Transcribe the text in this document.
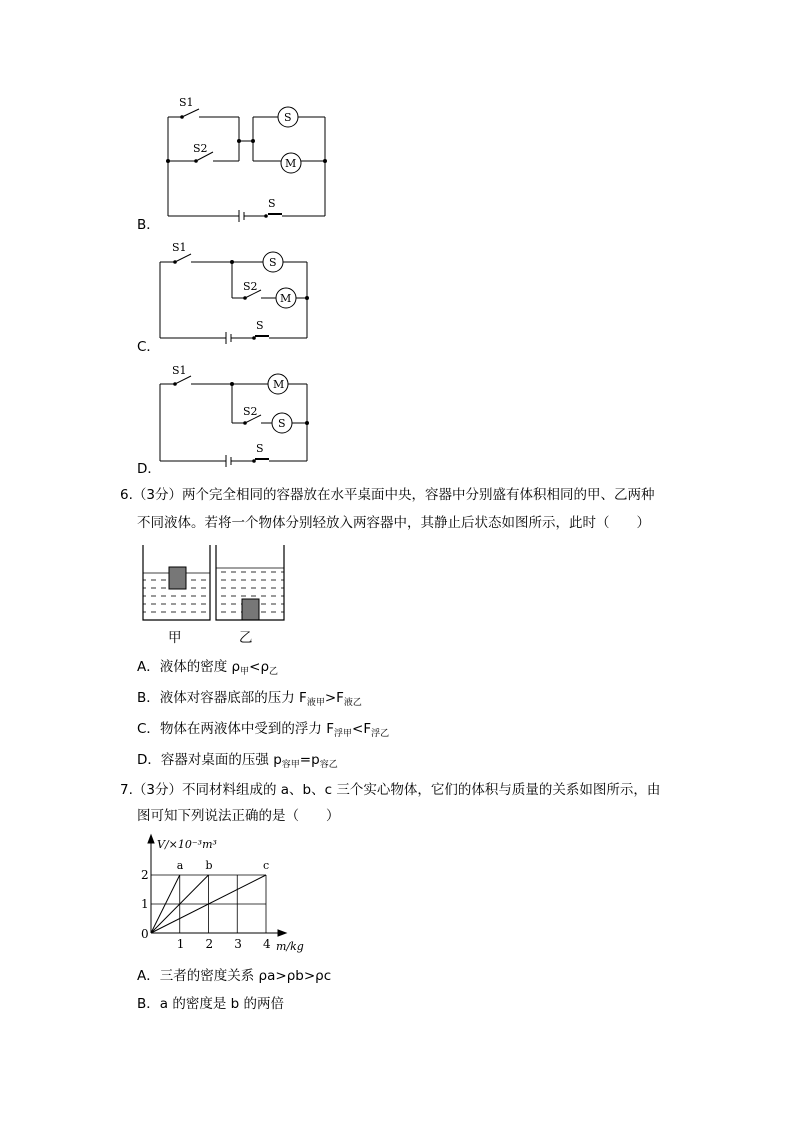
S1
S2
S
S
M
B．
S1
S2
S
S
M
C．
S1
S2
S
M
S
D．
6.（3分）两个完全相同的容器放在水平桌面中央，容器中分别盛有体积相同的甲、乙两种
不同液体。若将一个物体分别轻放入两容器中，其静止后状态如图所示，此时（　　）
甲	乙
A．液体的密度 $\rho_甲<\rho_乙$
B．液体对容器底部的压力 $F_{液甲}>F_{液乙}$
C．物体在两液体中受到的浮力 $F_{浮甲}<F_{浮乙}$
D．容器对桌面的压强 $p_{容甲}=p_{容乙}$
7.（3分）不同材料组成的 a、b、c 三个实心物体，它们的体积与质量的关系如图所示，由
图可知下列说法正确的是（　　）
1 2 3 4
1
2
a b	c
V/×10⁻³m³
m/kg
0
A．三者的密度关系 ρa>ρb>ρc
B．a 的密度是 b 的两倍
